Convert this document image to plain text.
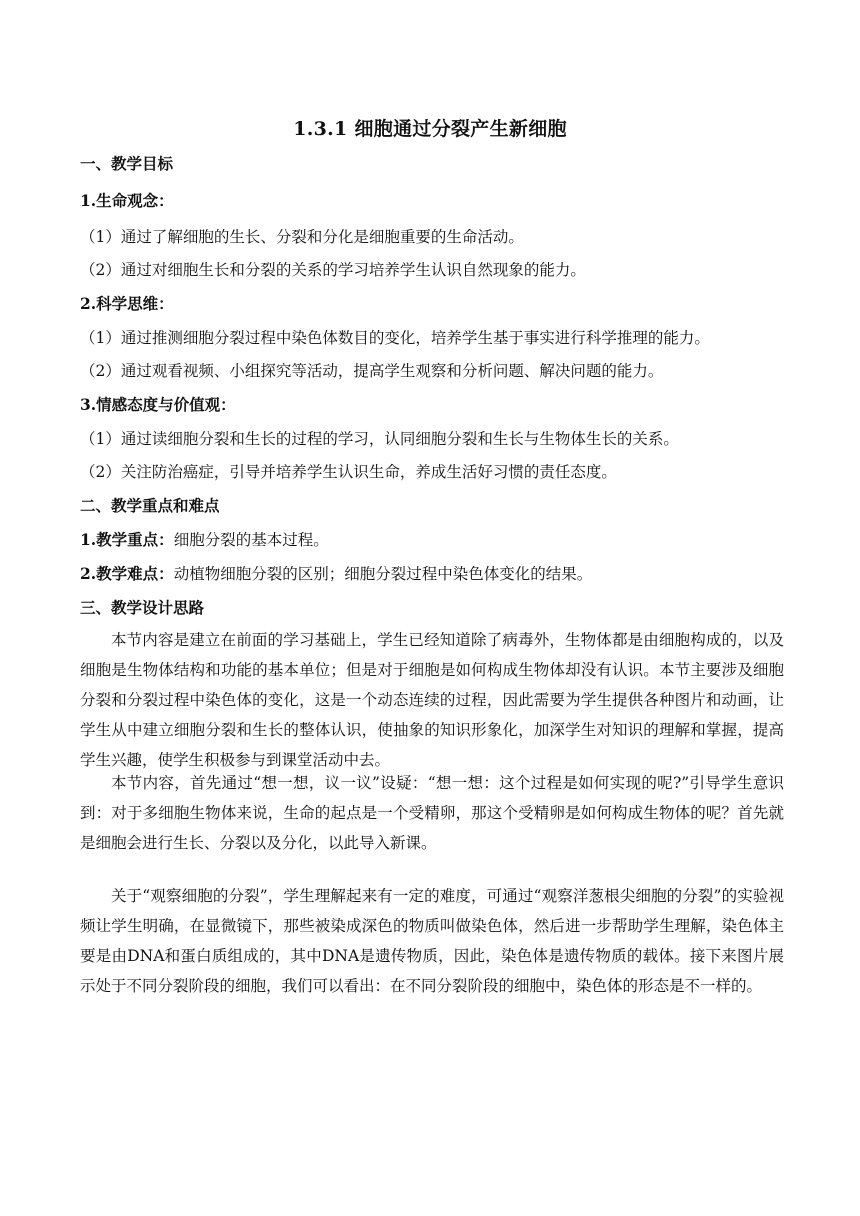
1.3.1 细胞通过分裂产生新细胞
一、教学目标
1.生命观念：
（1）通过了解细胞的生长、分裂和分化是细胞重要的生命活动。
（2）通过对细胞生长和分裂的关系的学习培养学生认识自然现象的能力。
2.科学思维：
（1）通过推测细胞分裂过程中染色体数目的变化，培养学生基于事实进行科学推理的能力。
（2）通过观看视频、小组探究等活动，提高学生观察和分析问题、解决问题的能力。
3.情感态度与价值观：
（1）通过读细胞分裂和生长的过程的学习，认同细胞分裂和生长与生物体生长的关系。
（2）关注防治癌症，引导并培养学生认识生命，养成生活好习惯的责任态度。
二、教学重点和难点
1.教学重点：细胞分裂的基本过程。
2.教学难点：动植物细胞分裂的区别；细胞分裂过程中染色体变化的结果。
三、教学设计思路
本节内容是建立在前面的学习基础上，学生已经知道除了病毒外，生物体都是由细胞构成的，以及细胞是生物体结构和功能的基本单位；但是对于细胞是如何构成生物体却没有认识。本节主要涉及细胞分裂和分裂过程中染色体的变化，这是一个动态连续的过程，因此需要为学生提供各种图片和动画，让学生从中建立细胞分裂和生长的整体认识，使抽象的知识形象化，加深学生对知识的理解和掌握，提高学生兴趣，使学生积极参与到课堂活动中去。
本节内容，首先通过“想一想，议一议”设疑：“想一想：这个过程是如何实现的呢?”引导学生意识到：对于多细胞生物体来说，生命的起点是一个受精卵，那这个受精卵是如何构成生物体的呢？首先就是细胞会进行生长、分裂以及分化，以此导入新课。
关于“观察细胞的分裂”，学生理解起来有一定的难度，可通过“观察洋葱根尖细胞的分裂”的实验视频让学生明确，在显微镜下，那些被染成深色的物质叫做染色体，然后进一步帮助学生理解，染色体主要是由DNA和蛋白质组成的，其中DNA是遗传物质，因此，染色体是遗传物质的载体。接下来图片展示处于不同分裂阶段的细胞，我们可以看出：在不同分裂阶段的细胞中，染色体的形态是不一样的。
